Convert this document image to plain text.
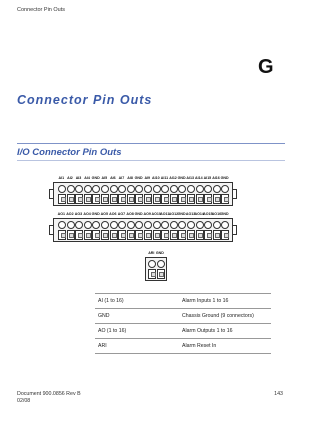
Connector Pin Outs
G
Connector Pin Outs
I/O Connector Pin Outs
AI1 AI2 AI3 AI4 GND AI5 AI6 AI7 AI8 GND AI9 AI10 AI11 AI12 GND AI13 AI14 AI15 AI16 GND
AO1 AO2 AO3 AO4 GND AO5 AO6 AO7 AO8 GND AO9 AO10 AO11 AO12 GND AO13 AO14 AO15 AO16 GND
ARI GND
AI (1 to 16)	Alarm Inputs 1 to 16
GND	Chassis Ground (9 connectors)
AO (1 to 16)	Alarm Outputs 1 to 16
ARI	Alarm Reset In
Document 900.0856 Rev B
02/08
143
